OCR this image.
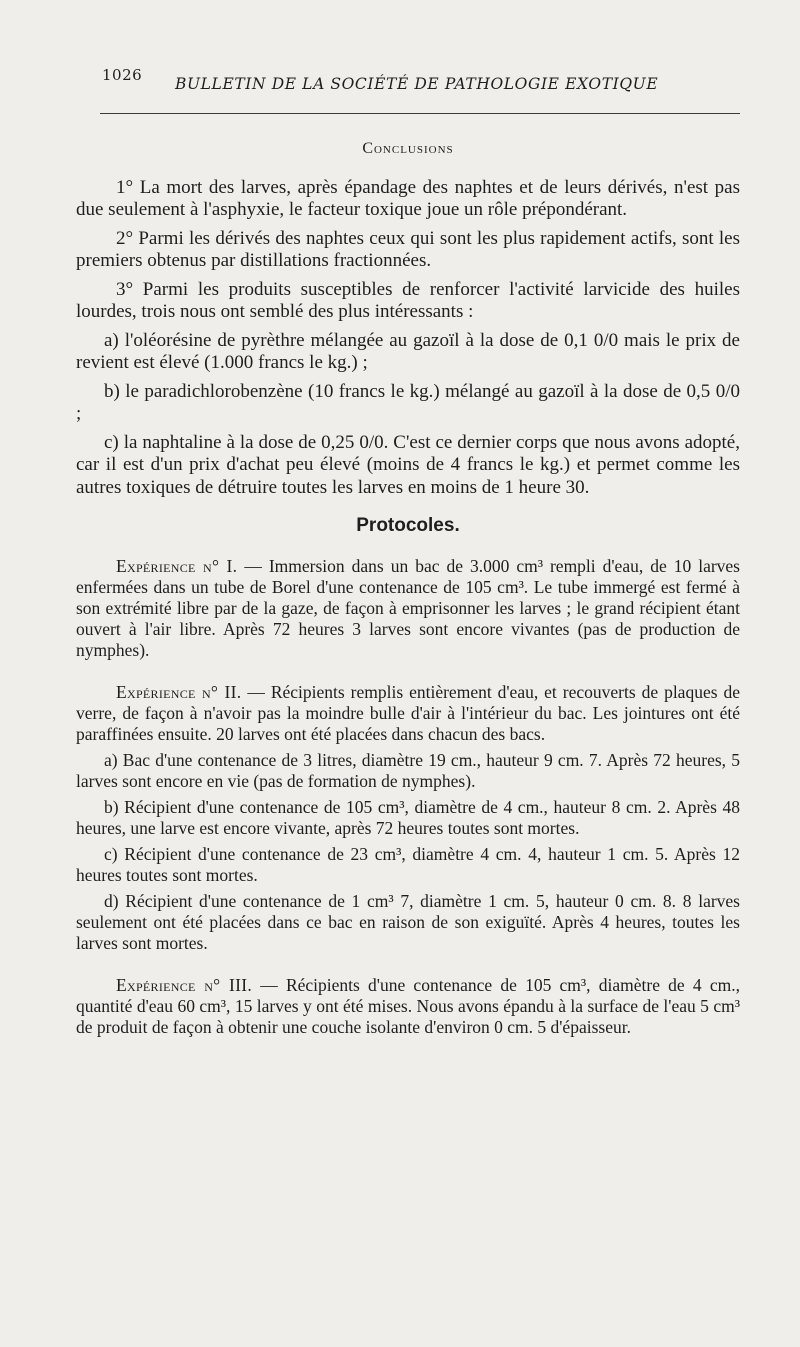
1026 BULLETIN DE LA SOCIÉTÉ DE PATHOLOGIE EXOTIQUE
Conclusions

1° La mort des larves, après épandage des naphtes et de leurs dérivés, n'est pas due seulement à l'asphyxie, le facteur toxique joue un rôle prépondérant.

2° Parmi les dérivés des naphtes ceux qui sont les plus rapidement actifs, sont les premiers obtenus par distillations fractionnées.

3° Parmi les produits susceptibles de renforcer l'activité larvicide des huiles lourdes, trois nous ont semblé des plus intéressants :

a) l'oléorésine de pyrèthre mélangée au gazoïl à la dose de 0,1 0/0 mais le prix de revient est élevé (1.000 francs le kg.) ;

b) le paradichlorobenzène (10 francs le kg.) mélangé au gazoïl à la dose de 0,5 0/0 ;

c) la naphtaline à la dose de 0,25 0/0. C'est ce dernier corps que nous avons adopté, car il est d'un prix d'achat peu élevé (moins de 4 francs le kg.) et permet comme les autres toxiques de détruire toutes les larves en moins de 1 heure 30.

Protocoles.

Expérience n° I. — Immersion dans un bac de 3.000 cm³ rempli d'eau, de 10 larves enfermées dans un tube de Borel d'une contenance de 105 cm³. Le tube immergé est fermé à son extrémité libre par de la gaze, de façon à emprisonner les larves ; le grand récipient étant ouvert à l'air libre. Après 72 heures 3 larves sont encore vivantes (pas de production de nymphes).

Expérience n° II. — Récipients remplis entièrement d'eau, et recouverts de plaques de verre, de façon à n'avoir pas la moindre bulle d'air à l'intérieur du bac. Les jointures ont été paraffinées ensuite. 20 larves ont été placées dans chacun des bacs.

a) Bac d'une contenance de 3 litres, diamètre 19 cm., hauteur 9 cm. 7. Après 72 heures, 5 larves sont encore en vie (pas de formation de nymphes).

b) Récipient d'une contenance de 105 cm³, diamètre de 4 cm., hauteur 8 cm. 2. Après 48 heures, une larve est encore vivante, après 72 heures toutes sont mortes.

c) Récipient d'une contenance de 23 cm³, diamètre 4 cm. 4, hauteur 1 cm. 5. Après 12 heures toutes sont mortes.

d) Récipient d'une contenance de 1 cm³ 7, diamètre 1 cm. 5, hauteur 0 cm. 8. 8 larves seulement ont été placées dans ce bac en raison de son exiguïté. Après 4 heures, toutes les larves sont mortes.

Expérience n° III. — Récipients d'une contenance de 105 cm³, diamètre de 4 cm., quantité d'eau 60 cm³, 15 larves y ont été mises. Nous avons épandu à la surface de l'eau 5 cm³ de produit de façon à obtenir une couche isolante d'environ 0 cm. 5 d'épaisseur.
